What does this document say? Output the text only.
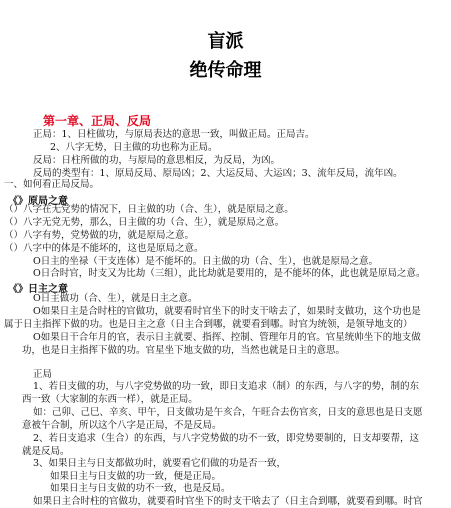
盲派
绝传命理
第一章、正局、反局
正局：1、日柱做功，与原局表达的意思一致，叫做正局。正局吉。
2、八字无势，日主做的功也称为正局。
反局：日柱所做的功，与原局的意思相反，为反局，为凶。
反局的类型有：1、原局反局、原局凶；2、大运反局、大运凶；3、流年反局，流年凶。
一、如何看正局反局。
（）八字在无党势的情况下，日主做的功（合、生），就是原局之意。
（）八字无党无势，那么，日主做的功（合、生），就是原局之意。
（）八字有势，党势做的功，就是原局之意。
（）八字中的体是不能坏的，这也是原局之意。
O日主的坐禄（干支连体）是不能坏的。日主做的功（合、生），也就是原局之意。
O日合时官，时支又为比劫（三组），此比劫就是要用的，是不能坏的体，此也就是原局之意。
O日主做功（合、生），就是日主之意。
O如果日主是合时柱的官做功，就要看时官坐下的时支干啥去了，如果时支做功，这个功也是
属于日主指挥下做的功。也是日主之意（日主合到哪，就要看到哪。时官为统领，是领导地支的）
O如果日干合年月的官，表示日主就要、指挥、控制、管理年月的官。官星统帅坐下的地支做
功，也是日主指挥下做的功。官星坐下地支做的功，当然也就是日主的意思。
正局
1、若日支做的功，与八字党势做的功一致，即日支追求（制）的东西，与八字的势，制的东
西一致（大家制的东西一样），就是正局。
如：己卯、己巳、辛亥、甲午，日支做功是午亥合，午旺合去伤官亥，日支的意思也是日支愿
意被午合制，所以这个八字是正局，不是反局。
2、若日支追求（生合）的东西，与八字党势做的功不一致，即党势要制的，日支却要帮，这
就是反局。
3、如果日主与日支都做功时，就要看它们做的功是否一致，
如果日主与日支做的功一致，便是正局。
如果日主与日支做的功不一致，也是反局。
如果日主合时柱的官做功，就要看时官坐下的时支干啥去了（日主合到哪，就要看到哪。时官
《》原局之意
《》日主之意
